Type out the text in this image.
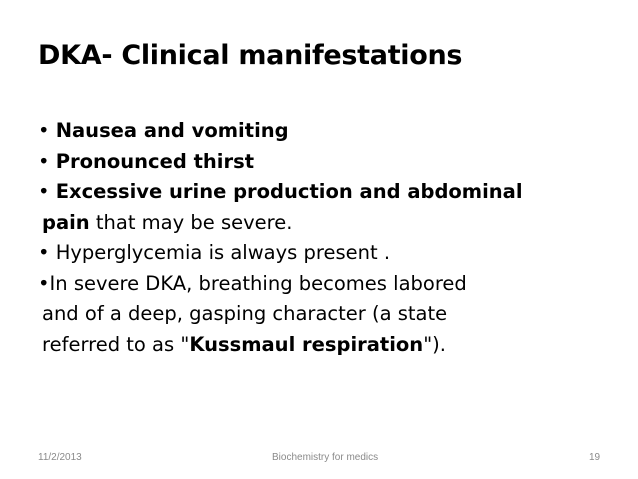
DKA- Clinical manifestations
• Nausea and vomiting
• Pronounced thirst
• Excessive urine production and abdominal
pain that may be severe.
• Hyperglycemia is always present .
•In severe DKA, breathing becomes labored
and of a deep, gasping character (a state
referred to as "Kussmaul respiration").
11/2/2013	Biochemistry for medics	19
